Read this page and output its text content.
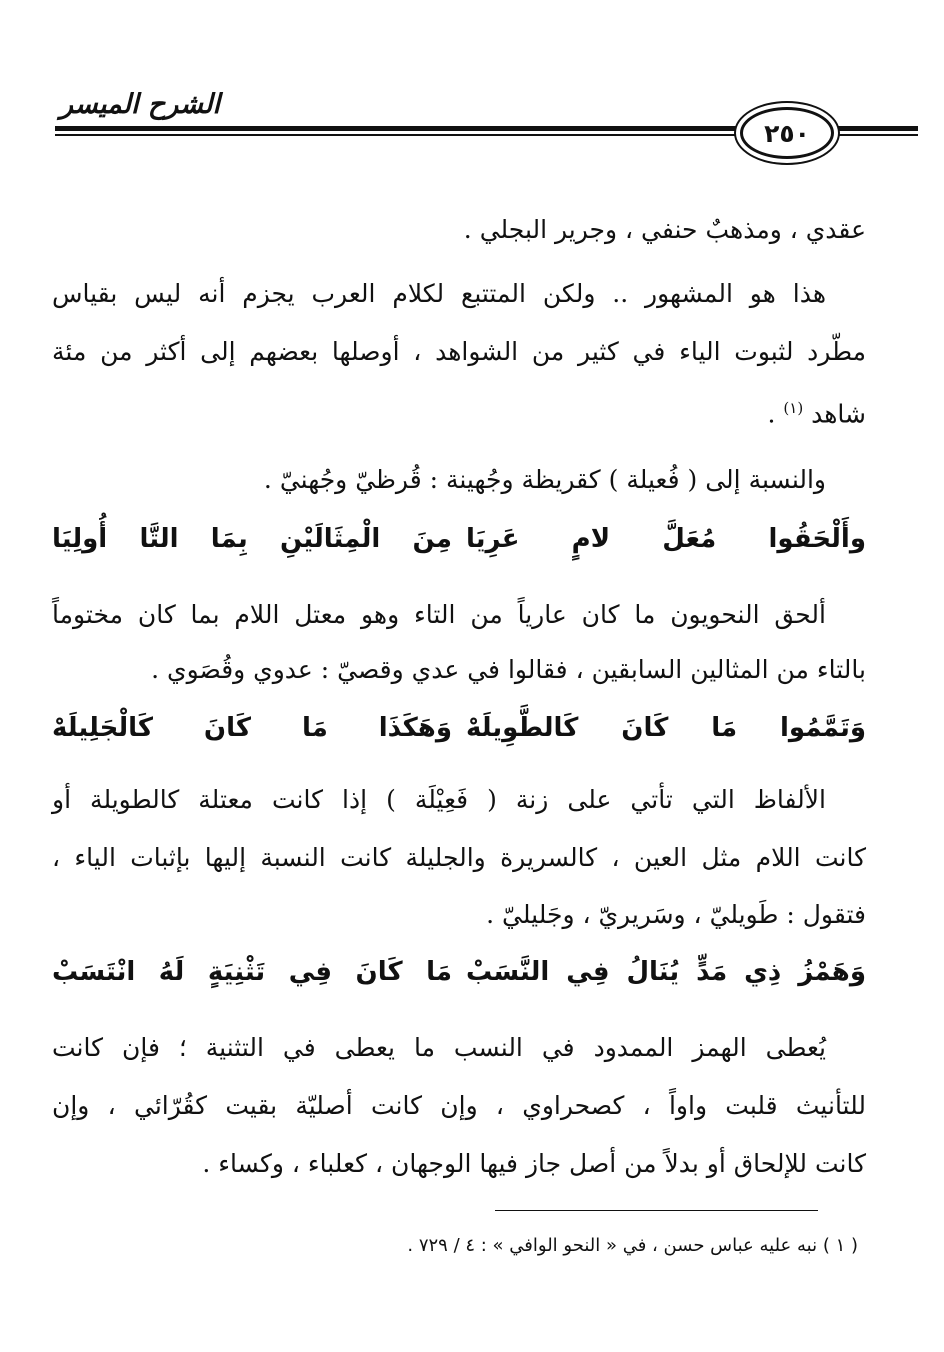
الشرح الميسر
٢٥٠
عقدي ، ومذهبٌ حنفي ، وجرير البجلي .
هذا هو المشهور .. ولكن المتتبع لكلام العرب يجزم أنه ليس بقياس
مطّرد لثبوت الياء في كثير من الشواهد ، أوصلها بعضهم إلى أكثر من مئة
شاهد $^{(١)}$ .
والنسبة إلى ( فُعيلة ) كقريظة وجُهينة : قُرظيّ وجُهنيّ .
وأَلْحَقُوا مُعَلَّ لامٍ عَرِيَا
مِنَ الْمِثَالَيْنِ بِمَا التَّا أُولِيَا
ألحق النحويون ما كان عارياً من التاء وهو معتل اللام بما كان مختوماً
بالتاء من المثالين السابقين ، فقالوا في عدي وقصيّ : عدوي وقُصَوي .
وَتَمَّمُوا مَا كَانَ كَالطَّوِيلَهْ
وَهَكَذَا مَا كَانَ كَالْجَلِيلَهْ
الألفاظ التي تأتي على زنة ( فَعِيْلَة ) إذا كانت معتلة كالطويلة أو
كانت اللام مثل العين ، كالسريرة والجليلة كانت النسبة إليها بإثبات الياء ،
فتقول : طَويليّ ، وسَريريّ ، وجَليليّ .
وَهَمْزُ ذِي مَدٍّ يُنَالُ فِي النَّسَبْ
مَا كَانَ فِي تَثْنِيَةٍ لَهُ انْتَسَبْ
يُعطى الهمز الممدود في النسب ما يعطى في التثنية ؛ فإن كانت
للتأنيث قلبت واواً ، كصحراوي ، وإن كانت أصليّة بقيت كقُرّائي ، وإن
كانت للإلحاق أو بدلاً من أصل جاز فيها الوجهان ، كعلباء ، وكساء .
( ١ ) نبه عليه عباس حسن ، في « النحو الوافي » : ٤ / ٧٢٩ .
